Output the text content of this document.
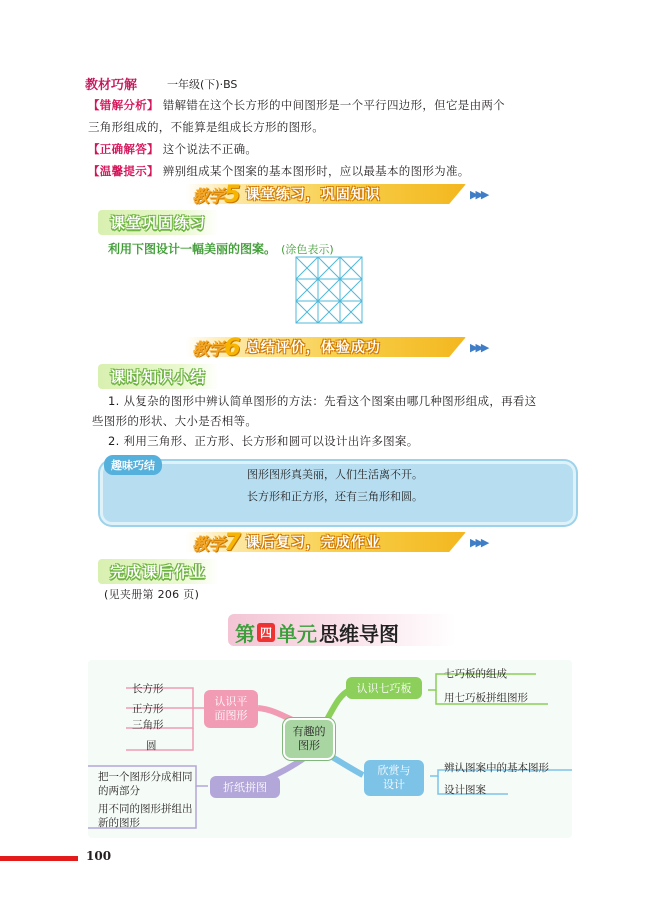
教材巧解	一年级(下)·BS
【错解分析】 错解错在这个长方形的中间图形是一个平行四边形，但它是由两个
三角形组成的，不能算是组成长方形的图形。
【正确解答】 这个说法不正确。
【温馨提示】 辨别组成某个图案的基本图形时，应以最基本的图形为准。
教学5 课堂练习，巩固知识	▶▶▶
课堂巩固练习
利用下图设计一幅美丽的图案。 (涂色表示)
教学6 总结评价，体验成功	▶▶▶
课时知识小结
1. 从复杂的图形中辨认简单图形的方法：先看这个图案由哪几种图形组成，再看这
些图形的形状、大小是否相等。
2. 利用三角形、正方形、长方形和圆可以设计出许多图案。
趣味巧结
图形图形真美丽，人们生活离不开。
长方形和正方形，还有三角形和圆。
教学7 课后复习，完成作业	▶▶▶
完成课后作业
(见夹册第 206 页)
第 四 单元 思维导图
有趣的图形
认识平面图形
长方形
正方形
三角形
圆
认识七巧板
七巧板的组成
用七巧板拼组图形
欣赏与设计
辨认图案中的基本图形
设计图案
折纸拼图
把一个图形分成相同的两部分
用不同的图形拼组出新的图形
100
